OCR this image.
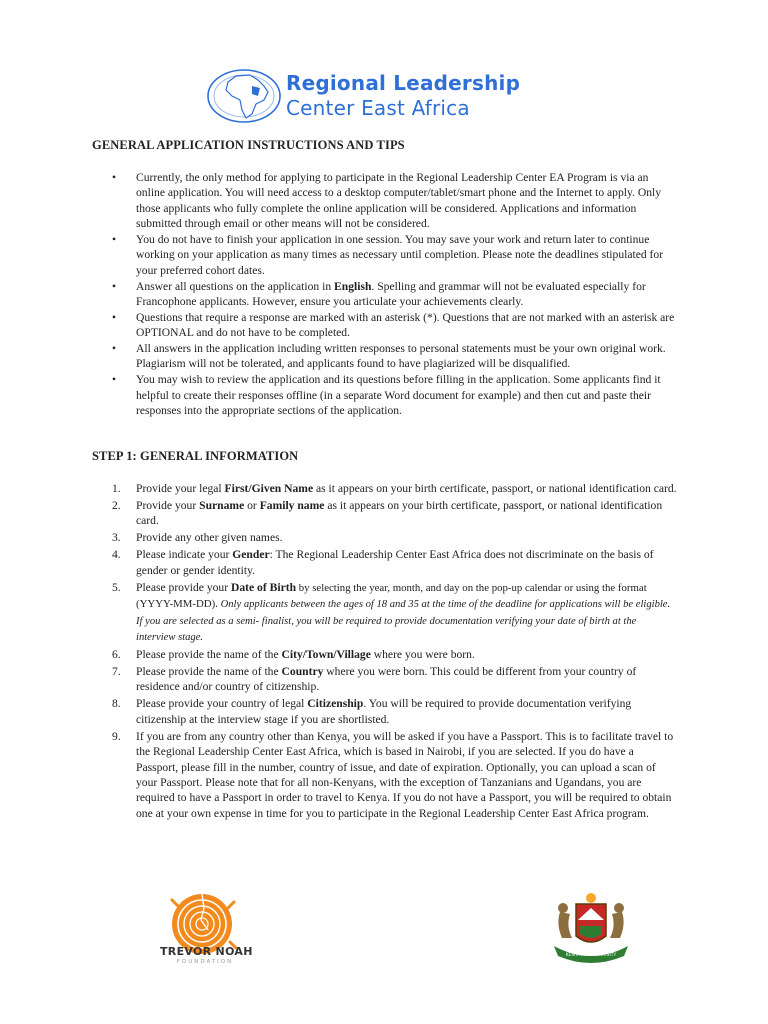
Regional Leadership
Center East Africa
GENERAL APPLICATION INSTRUCTIONS AND TIPS
• Currently, the only method for applying to participate in the Regional Leadership Center EA Program is via an online application. You will need access to a desktop computer/tablet/smart phone and the Internet to apply. Only those applicants who fully complete the online application will be considered. Applications and information submitted through email or other means will not be considered.
• You do not have to finish your application in one session. You may save your work and return later to continue working on your application as many times as necessary until completion. Please note the deadlines stipulated for your preferred cohort dates.
• Answer all questions on the application in English. Spelling and grammar will not be evaluated especially for Francophone applicants. However, ensure you articulate your achievements clearly.
• Questions that require a response are marked with an asterisk (*). Questions that are not marked with an asterisk are OPTIONAL and do not have to be completed.
• All answers in the application including written responses to personal statements must be your own original work. Plagiarism will not be tolerated, and applicants found to have plagiarized will be disqualified.
• You may wish to review the application and its questions before filling in the application. Some applicants find it helpful to create their responses offline (in a separate Word document for example) and then cut and paste their responses into the appropriate sections of the application.
STEP 1: GENERAL INFORMATION
1. Provide your legal First/Given Name as it appears on your birth certificate, passport, or national identification card.
2. Provide your Surname or Family name as it appears on your birth certificate, passport, or national identification card.
3. Provide any other given names.
4. Please indicate your Gender: The Regional Leadership Center East Africa does not discriminate on the basis of gender or gender identity.
5. Please provide your Date of Birth by selecting the year, month, and day on the pop-up calendar or using the format (YYYY-MM-DD). Only applicants between the ages of 18 and 35 at the time of the deadline for applications will be eligible. If you are selected as a semi- finalist, you will be required to provide documentation verifying your date of birth at the interview stage.
6. Please provide the name of the City/Town/Village where you were born.
7. Please provide the name of the Country where you were born. This could be different from your country of residence and/or country of citizenship.
8. Please provide your country of legal Citizenship. You will be required to provide documentation verifying citizenship at the interview stage if you are shortlisted.
9. If you are from any country other than Kenya, you will be asked if you have a Passport. This is to facilitate travel to the Regional Leadership Center East Africa, which is based in Nairobi, if you are selected. If you do have a Passport, please fill in the number, country of issue, and date of expiration. Optionally, you can upload a scan of your Passport. Please note that for all non-Kenyans, with the exception of Tanzanians and Ugandans, you are required to have a Passport in order to travel to Kenya. If you do not have a Passport, you will be required to obtain one at your own expense in time for you to participate in the Regional Leadership Center East Africa program.
TREVOR NOAH
FOUNDATION
KENYATTA UNIVERSITY
